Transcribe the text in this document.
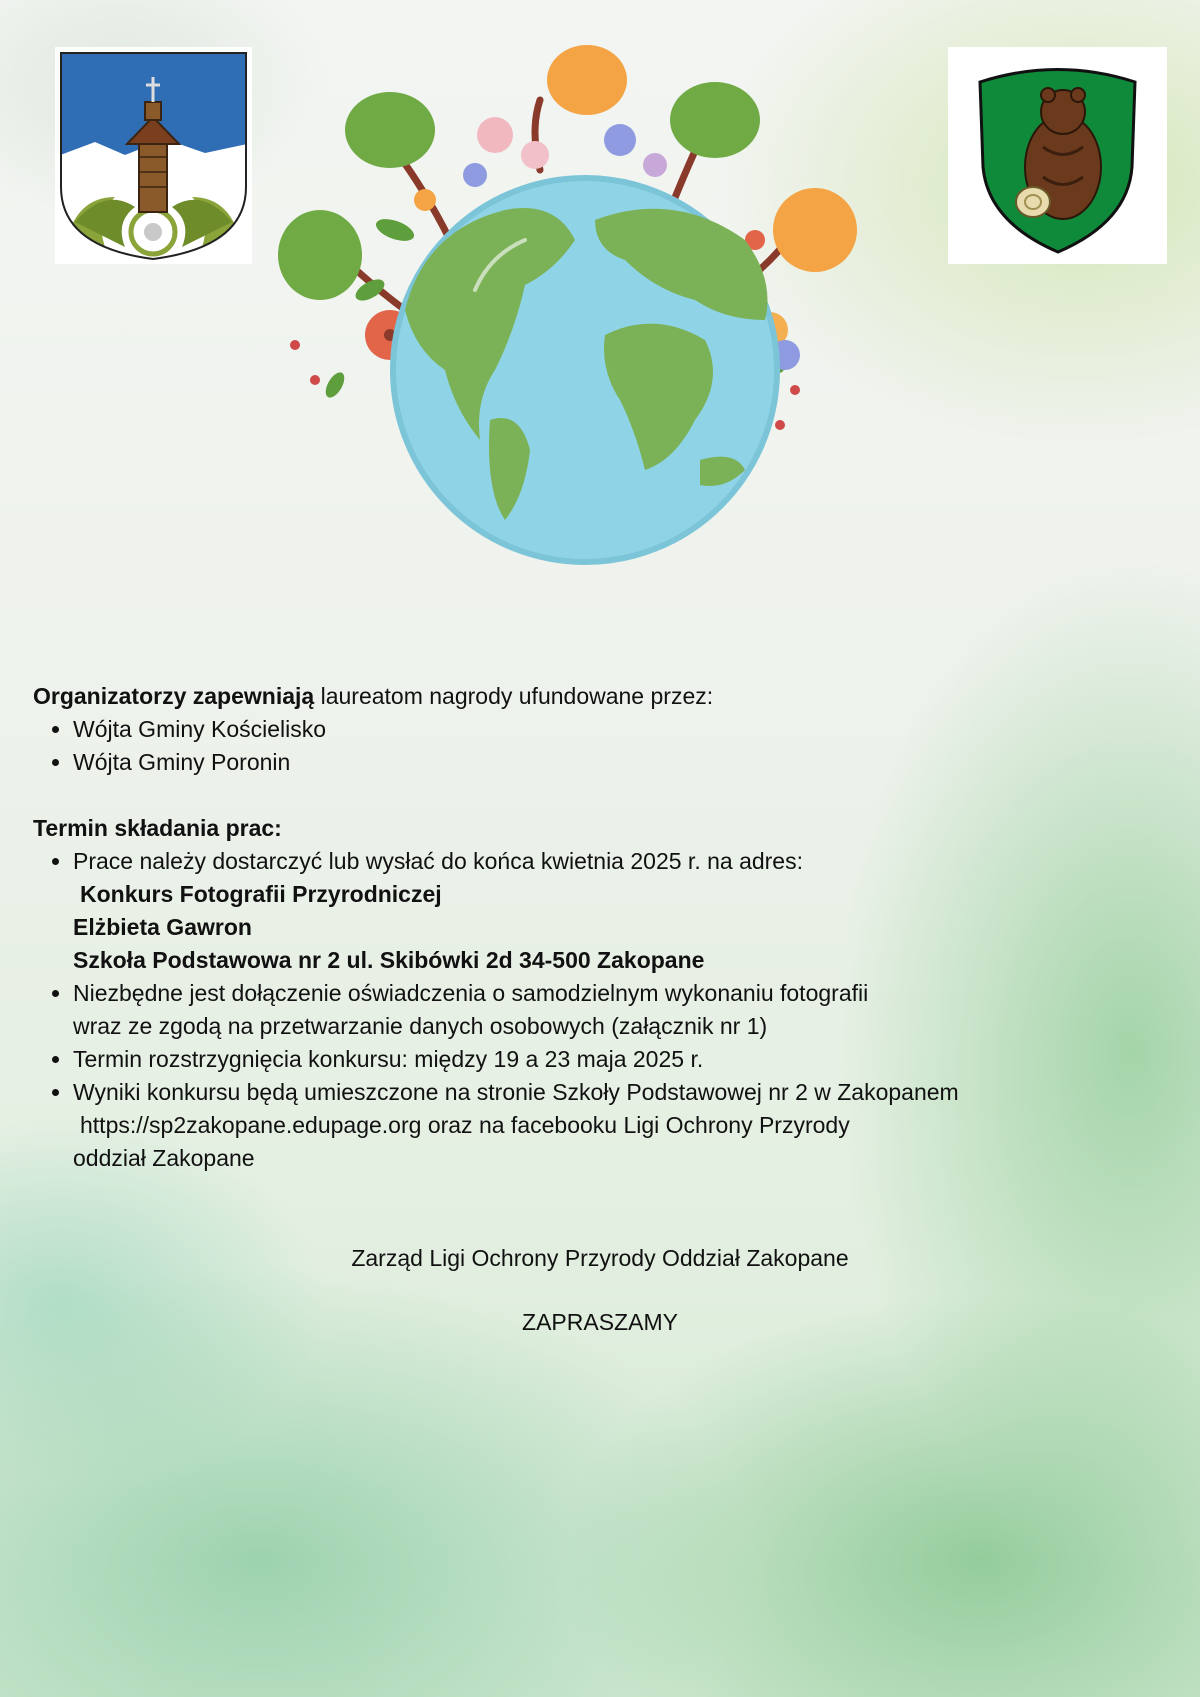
Organizatorzy zapewniają laureatom nagrody ufundowane przez:

• Wójta Gminy Kościelisko
• Wójta Gminy Poronin

Termin składania prac:

• Prace należy dostarczyć lub wysłać do końca kwietnia 2025 r. na adres:
Konkurs Fotografii Przyrodniczej
Elżbieta Gawron
Szkoła Podstawowa nr 2 ul. Skibówki 2d 34-500 Zakopane
• Niezbędne jest dołączenie oświadczenia o samodzielnym wykonaniu fotografii
wraz ze zgodą na przetwarzanie danych osobowych (załącznik nr 1)
• Termin rozstrzygnięcia konkursu: między 19 a 23 maja 2025 r.
• Wyniki konkursu będą umieszczone na stronie Szkoły Podstawowej nr 2 w Zakopanem
https://sp2zakopane.edupage.org oraz na facebooku Ligi Ochrony Przyrody
oddział Zakopane
Zarząd Ligi Ochrony Przyrody Oddział Zakopane
ZAPRASZAMY
